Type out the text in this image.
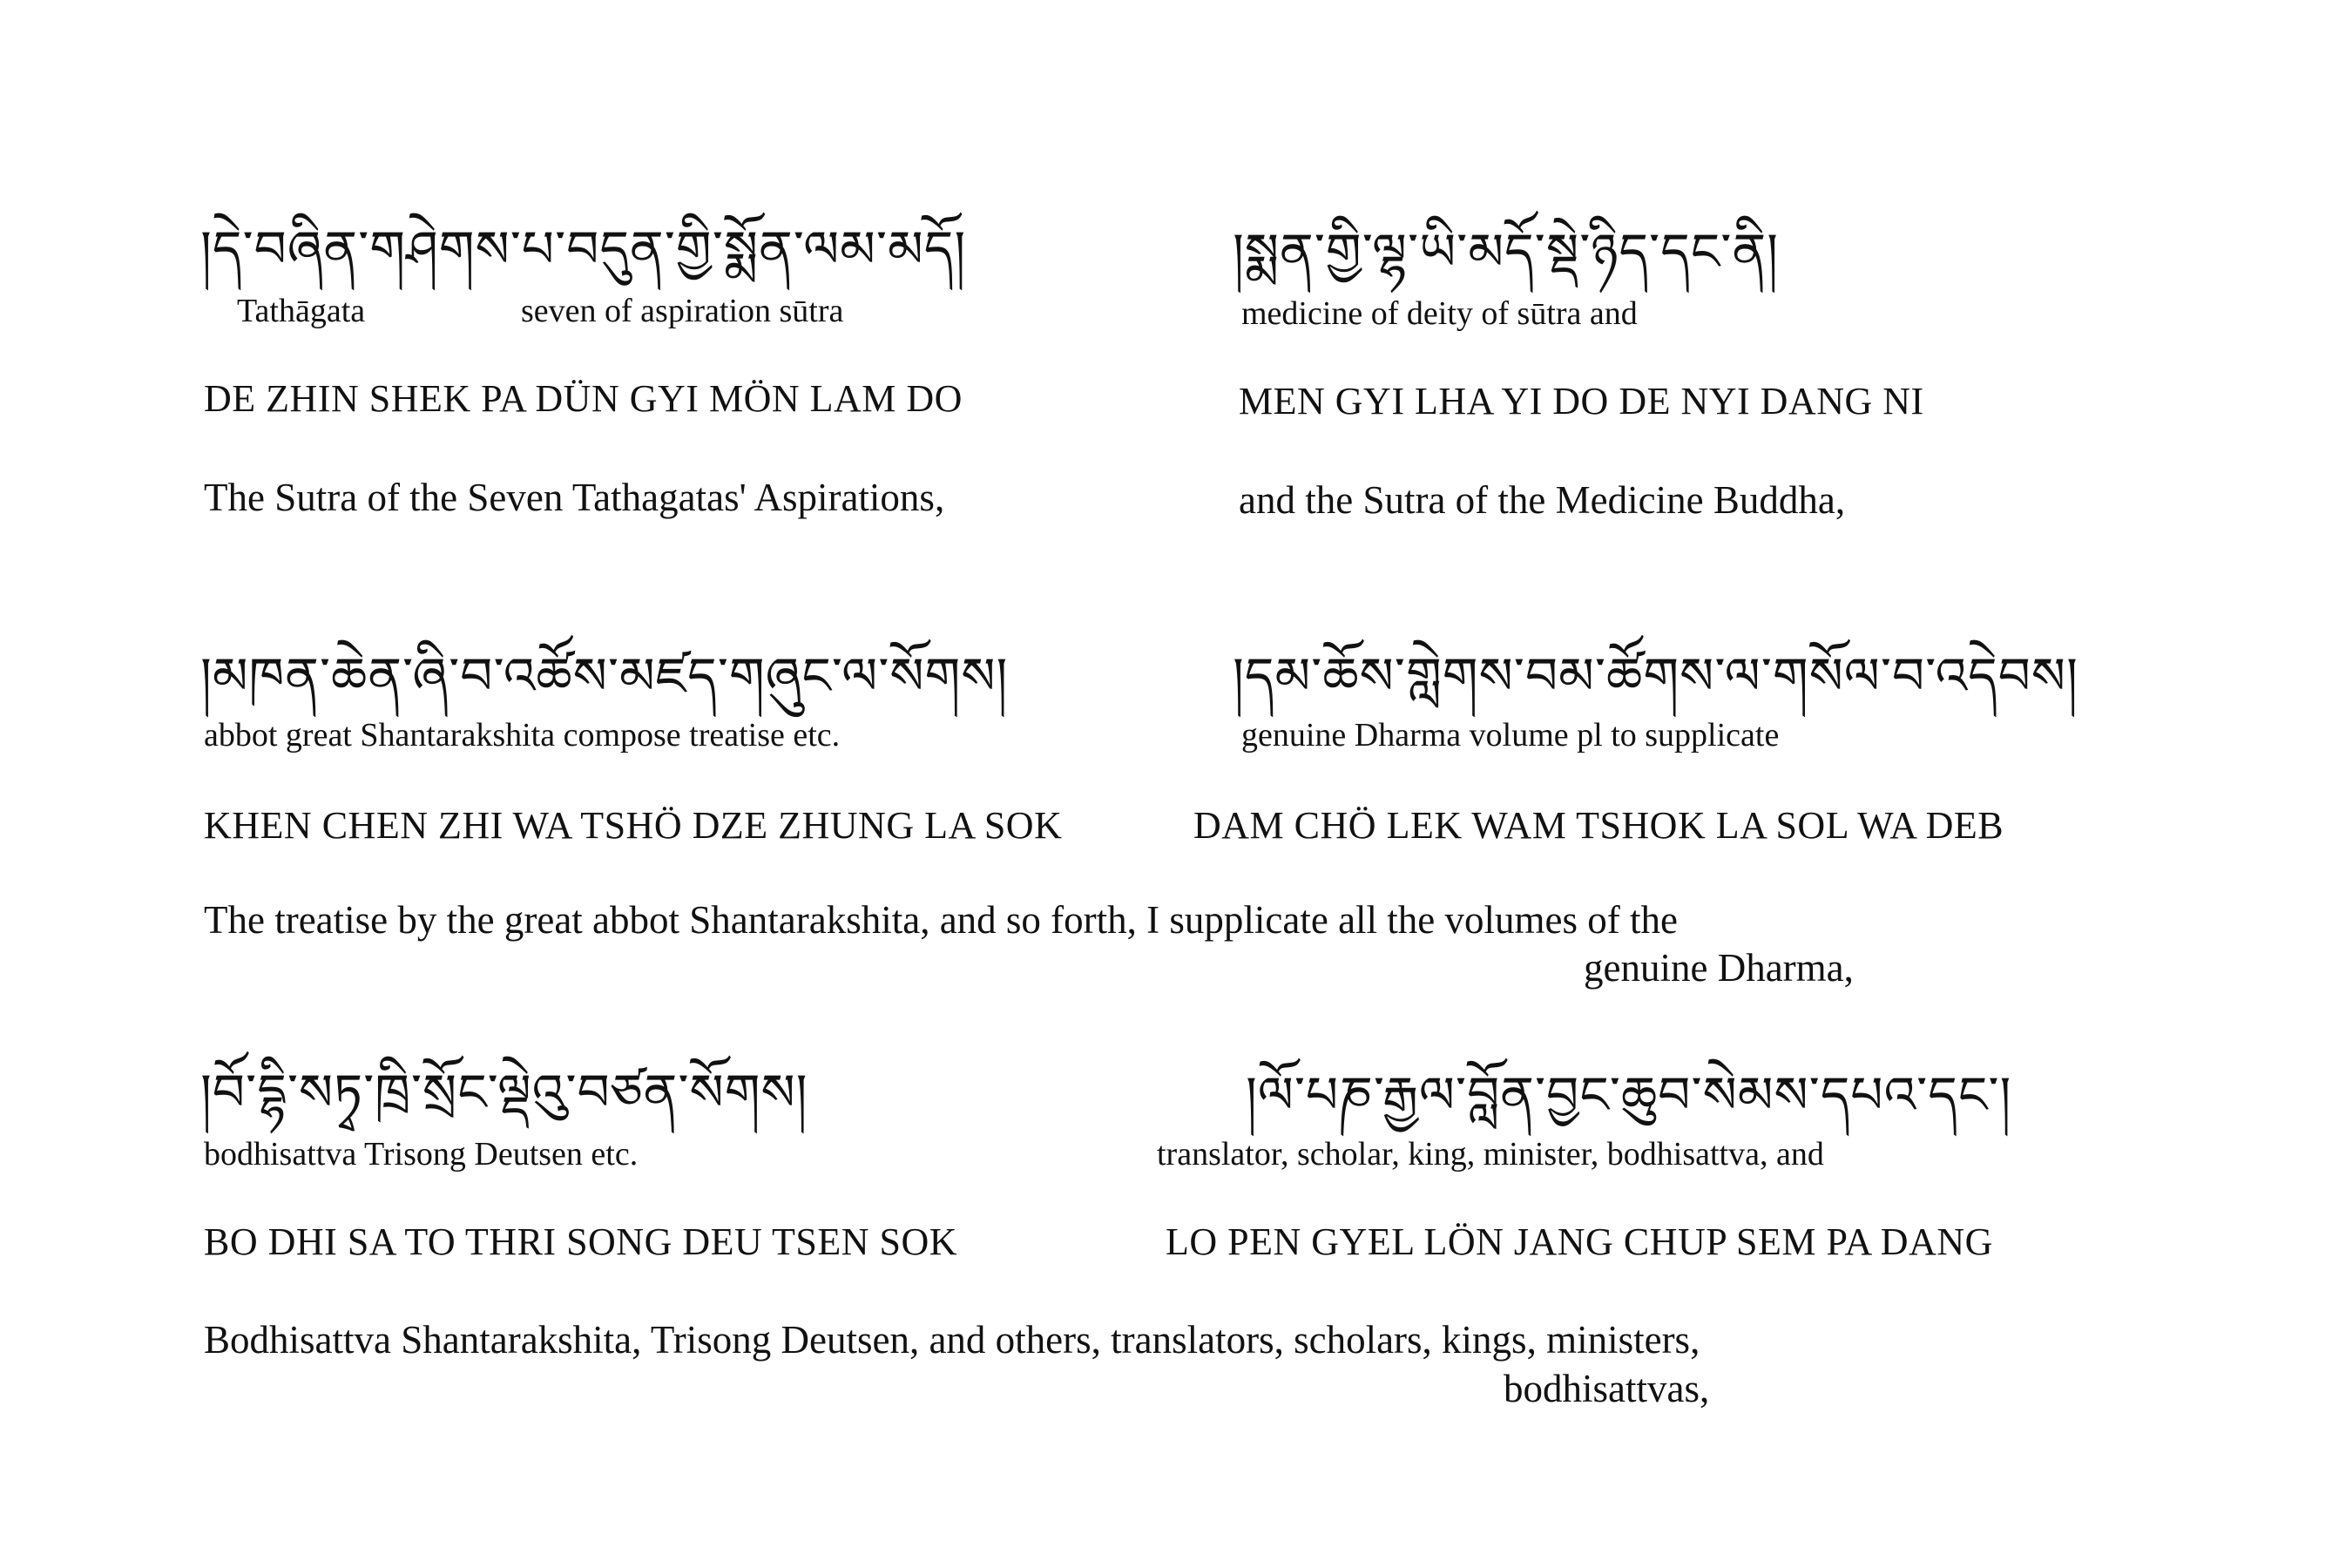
།དེ་བཞིན་གཤེགས་པ་བདུན་གྱི་སྨོན་ལམ་མདོ།
Tathāgata	seven of aspiration sūtra
DE ZHIN SHEK PA DÜN GYI MÖN LAM DO
The Sutra of the Seven Tathagatas' Aspirations,
།སྨན་གྱི་ལྷ་ཡི་མདོ་སྡེ་ཉིད་དང་ནི།
medicine of deity of sūtra and
MEN GYI LHA YI DO DE NYI DANG NI
and the Sutra of the Medicine Buddha,
།མཁན་ཆེན་ཞི་བ་འཚོས་མཛད་གཞུང་ལ་སོགས།
abbot great Shantarakshita compose treatise etc.
KHEN CHEN ZHI WA TSHÖ DZE ZHUNG LA SOK
།དམ་ཆོས་གླེགས་བམ་ཚོགས་ལ་གསོལ་བ་འདེབས།
genuine Dharma volume pl to supplicate
DAM CHÖ LEK WAM TSHOK LA SOL WA DEB
The treatise by the great abbot Shantarakshita, and so forth, I supplicate all the volumes of the
genuine Dharma,
།བོ་དྷི་སཏྭ་ཁྲི་སྲོང་ལྡེའུ་བཙན་སོགས།
bodhisattva Trisong Deutsen etc.
BO DHI SA TO THRI SONG DEU TSEN SOK
།ལོ་པཎ་རྒྱལ་བློན་བྱང་ཆུབ་སེམས་དཔའ་དང་།
translator, scholar, king, minister, bodhisattva, and
LO PEN GYEL LÖN JANG CHUP SEM PA DANG
Bodhisattva Shantarakshita, Trisong Deutsen, and others, translators, scholars, kings, ministers,
bodhisattvas,
